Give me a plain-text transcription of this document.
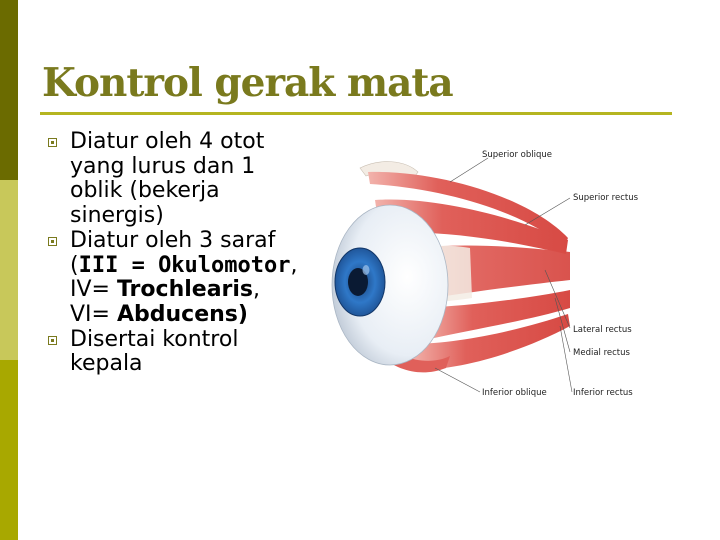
Kontrol gerak mata
Diatur oleh 4 otot yang lurus dan 1 oblik (bekerja sinergis)
Diatur oleh 3 saraf (III = Okulomotor, IV= Trochlearis, VI= Abducens)
Disertai kontrol kepala
Superior oblique
Superior rectus
Lateral rectus
Medial rectus
Inferior oblique	Inferior rectus
